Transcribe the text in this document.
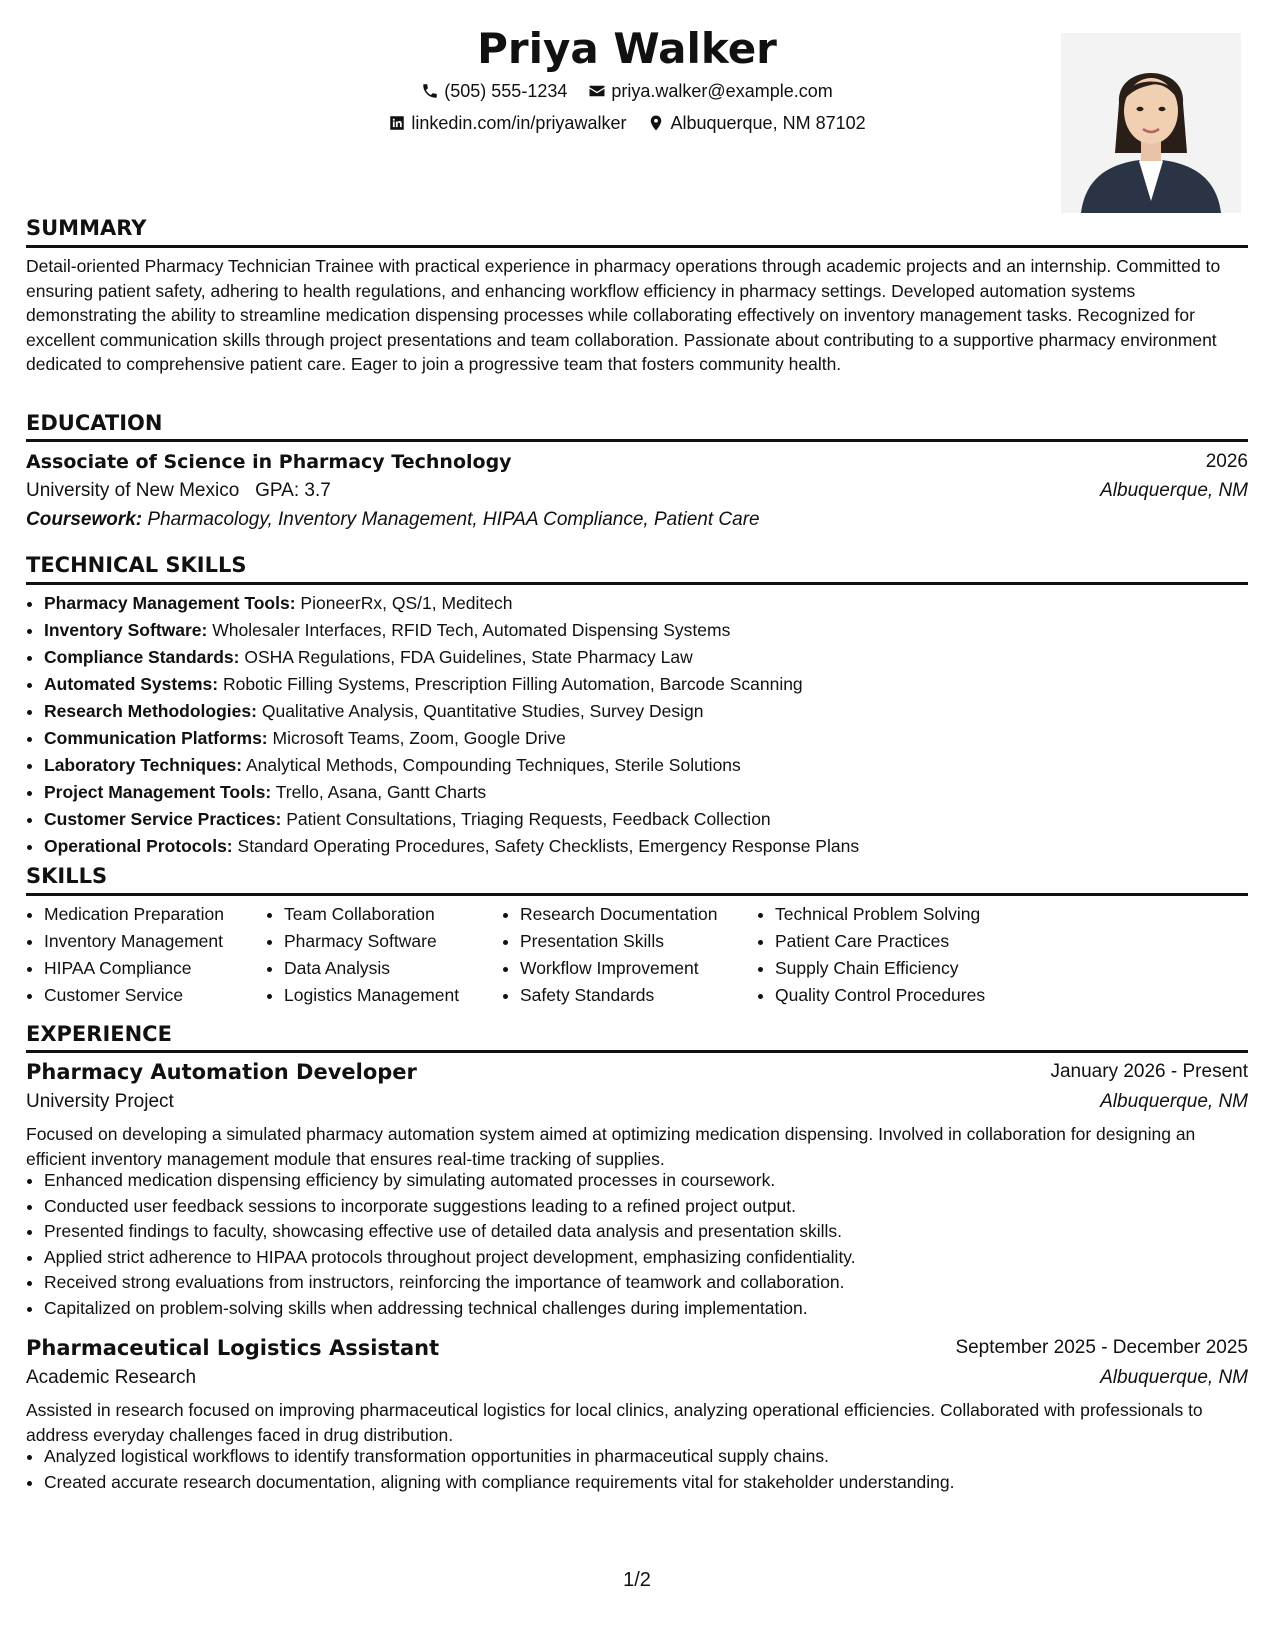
Priya Walker
(505) 555-1234
priya.walker@example.com
linkedin.com/in/priyawalker
Albuquerque, NM 87102
SUMMARY

Detail-oriented Pharmacy Technician Trainee with practical experience in pharmacy operations through academic projects and an internship. Committed to ensuring patient safety, adhering to health regulations, and enhancing workflow efficiency in pharmacy settings. Developed automation systems demonstrating the ability to streamline medication dispensing processes while collaborating effectively on inventory management tasks. Recognized for excellent communication skills through project presentations and team collaboration. Passionate about contributing to a supportive pharmacy environment dedicated to comprehensive patient care. Eager to join a progressive team that fosters community health.

EDUCATION
Associate of Science in Pharmacy Technology	2026
University of New Mexico GPA: 3.7	Albuquerque, NM
Coursework: Pharmacology, Inventory Management, HIPAA Compliance, Patient Care
TECHNICAL SKILLS
• Pharmacy Management Tools: PioneerRx, QS/1, Meditech
• Inventory Software: Wholesaler Interfaces, RFID Tech, Automated Dispensing Systems
• Compliance Standards: OSHA Regulations, FDA Guidelines, State Pharmacy Law
• Automated Systems: Robotic Filling Systems, Prescription Filling Automation, Barcode Scanning
• Research Methodologies: Qualitative Analysis, Quantitative Studies, Survey Design
• Communication Platforms: Microsoft Teams, Zoom, Google Drive
• Laboratory Techniques: Analytical Methods, Compounding Techniques, Sterile Solutions
• Project Management Tools: Trello, Asana, Gantt Charts
• Customer Service Practices: Patient Consultations, Triaging Requests, Feedback Collection
• Operational Protocols: Standard Operating Procedures, Safety Checklists, Emergency Response Plans
SKILLS
• Medication Preparation
• Inventory Management
• HIPAA Compliance
• Customer Service
• Team Collaboration
• Pharmacy Software
• Data Analysis
• Logistics Management
• Research Documentation
• Presentation Skills
• Workflow Improvement
• Safety Standards
• Technical Problem Solving
• Patient Care Practices
• Supply Chain Efficiency
• Quality Control Procedures
EXPERIENCE
Pharmacy Automation Developer	January 2026 - Present
University Project	Albuquerque, NM

Focused on developing a simulated pharmacy automation system aimed at optimizing medication dispensing. Involved in collaboration for designing an efficient inventory management module that ensures real-time tracking of supplies.

• Enhanced medication dispensing efficiency by simulating automated processes in coursework.
• Conducted user feedback sessions to incorporate suggestions leading to a refined project output.
• Presented findings to faculty, showcasing effective use of detailed data analysis and presentation skills.
• Applied strict adherence to HIPAA protocols throughout project development, emphasizing confidentiality.
• Received strong evaluations from instructors, reinforcing the importance of teamwork and collaboration.
• Capitalized on problem-solving skills when addressing technical challenges during implementation.
Pharmaceutical Logistics Assistant	September 2025 - December 2025
Academic Research	Albuquerque, NM

Assisted in research focused on improving pharmaceutical logistics for local clinics, analyzing operational efficiencies. Collaborated with professionals to address everyday challenges faced in drug distribution.

• Analyzed logistical workflows to identify transformation opportunities in pharmaceutical supply chains.
• Created accurate research documentation, aligning with compliance requirements vital for stakeholder understanding.
1/2
